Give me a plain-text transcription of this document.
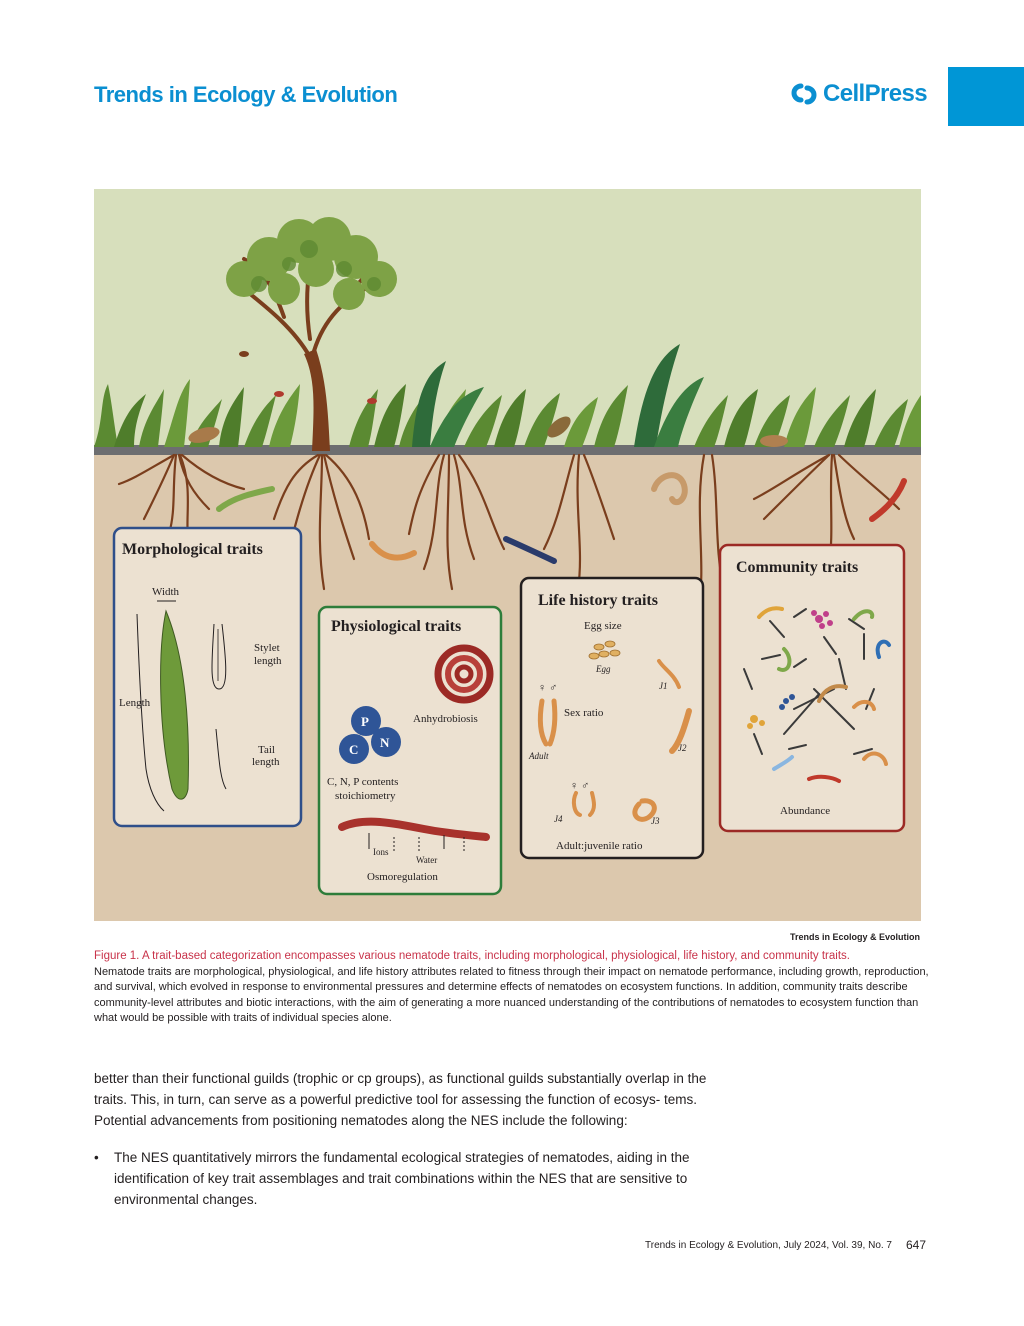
Trends in Ecology & Evolution	CellPress
Morphological traits
Width
Length
Stylet
length
Tail
length
Physiological traits
Anhydrobiosis
P
C N
C, N, P contents
stoichiometry
Ions
Water
Osmoregulation
Life history traits
Egg size
Egg
J1
J2
J3
J4
♀ ♂
♀ ♂
Adult
Sex ratio
Adult:juvenile ratio
Community traits
Abundance
Trends in Ecology & Evolution
Figure 1. A trait-based categorization encompasses various nematode traits, including morphological, physiological, life history, and community traits.
Nematode traits are morphological, physiological, and life history attributes related to fitness through their impact on nematode performance, including growth, reproduction, and survival, which evolved in response to environmental pressures and determine effects of nematodes on ecosystem functions. In addition, community traits describe community-level attributes and biotic interactions, with the aim of generating a more nuanced understanding of the contributions of nematodes to ecosystem function than what would be possible with traits of individual species alone.

better than their functional guilds (trophic or cp groups), as functional guilds substantially overlap in the traits. This, in turn, can serve as a powerful predictive tool for assessing the function of ecosys- tems. Potential advancements from positioning nematodes along the NES include the following:

•	The NES quantitatively mirrors the fundamental ecological strategies of nematodes, aiding in the identification of key trait assemblages and trait combinations within the NES that are sensitive to environmental changes.
Trends in Ecology & Evolution, July 2024, Vol. 39, No. 7 647
